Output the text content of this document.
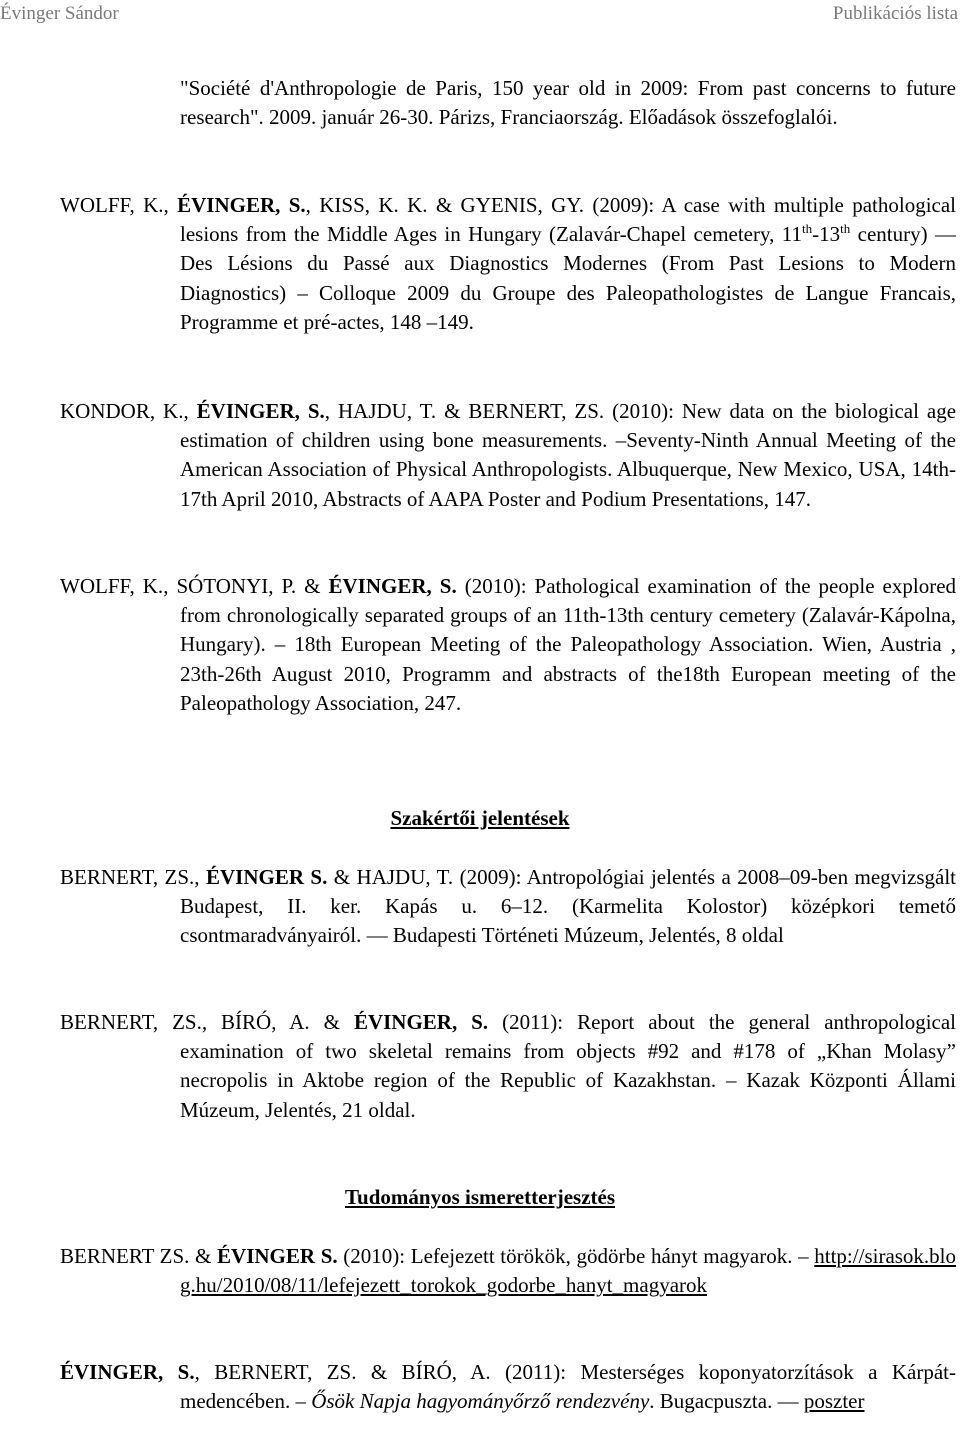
Évinger Sándor	Publikációs lista
"Société d'Anthropologie de Paris, 150 year old in 2009: From past concerns to future research". 2009. január 26-30. Párizs, Franciaország. Előadások összefoglalói.
WOLFF, K., ÉVINGER, S., KISS, K. K. & GYENIS, GY. (2009): A case with multiple pathological lesions from the Middle Ages in Hungary (Zalavár-Chapel cemetery, 11th-13th century) — Des Lésions du Passé aux Diagnostics Modernes (From Past Lesions to Modern Diagnostics) – Colloque 2009 du Groupe des Paleopathologistes de Langue Francais, Programme et pré-actes, 148 –149.
KONDOR, K., ÉVINGER, S., HAJDU, T. & BERNERT, ZS. (2010): New data on the biological age estimation of children using bone measurements. –Seventy-Ninth Annual Meeting of the American Association of Physical Anthropologists. Albuquerque, New Mexico, USA, 14th-17th April 2010, Abstracts of AAPA Poster and Podium Presentations, 147.
WOLFF, K., SÓTONYI, P. & ÉVINGER, S. (2010): Pathological examination of the people explored from chronologically separated groups of an 11th-13th century cemetery (Zalavár-Kápolna, Hungary). – 18th European Meeting of the Paleopathology Association. Wien, Austria , 23th-26th August 2010, Programm and abstracts of the18th European meeting of the Paleopathology Association, 247.
Szakértői jelentések
BERNERT, ZS., ÉVINGER S. & HAJDU, T. (2009): Antropológiai jelentés a 2008–09-ben megvizsgált Budapest, II. ker. Kapás u. 6–12. (Karmelita Kolostor) középkori temető csontmaradványairól. — Budapesti Történeti Múzeum, Jelentés, 8 oldal
BERNERT, ZS., BÍRÓ, A. & ÉVINGER, S. (2011): Report about the general anthropological examination of two skeletal remains from objects #92 and #178 of „Khan Molasy” necropolis in Aktobe region of the Republic of Kazakhstan. – Kazak Központi Állami Múzeum, Jelentés, 21 oldal.
Tudományos ismeretterjesztés
BERNERT ZS. & ÉVINGER S. (2010): Lefejezett törökök, gödörbe hányt magyarok. – http://sirasok.blog.hu/2010/08/11/lefejezett_torokok_godorbe_hanyt_magyarok
ÉVINGER, S., BERNERT, ZS. & BÍRÓ, A. (2011): Mesterséges koponyatorzítások a Kárpát-medencében. – Ősök Napja hagyományőrző rendezvény. Bugacpuszta. — poszter
